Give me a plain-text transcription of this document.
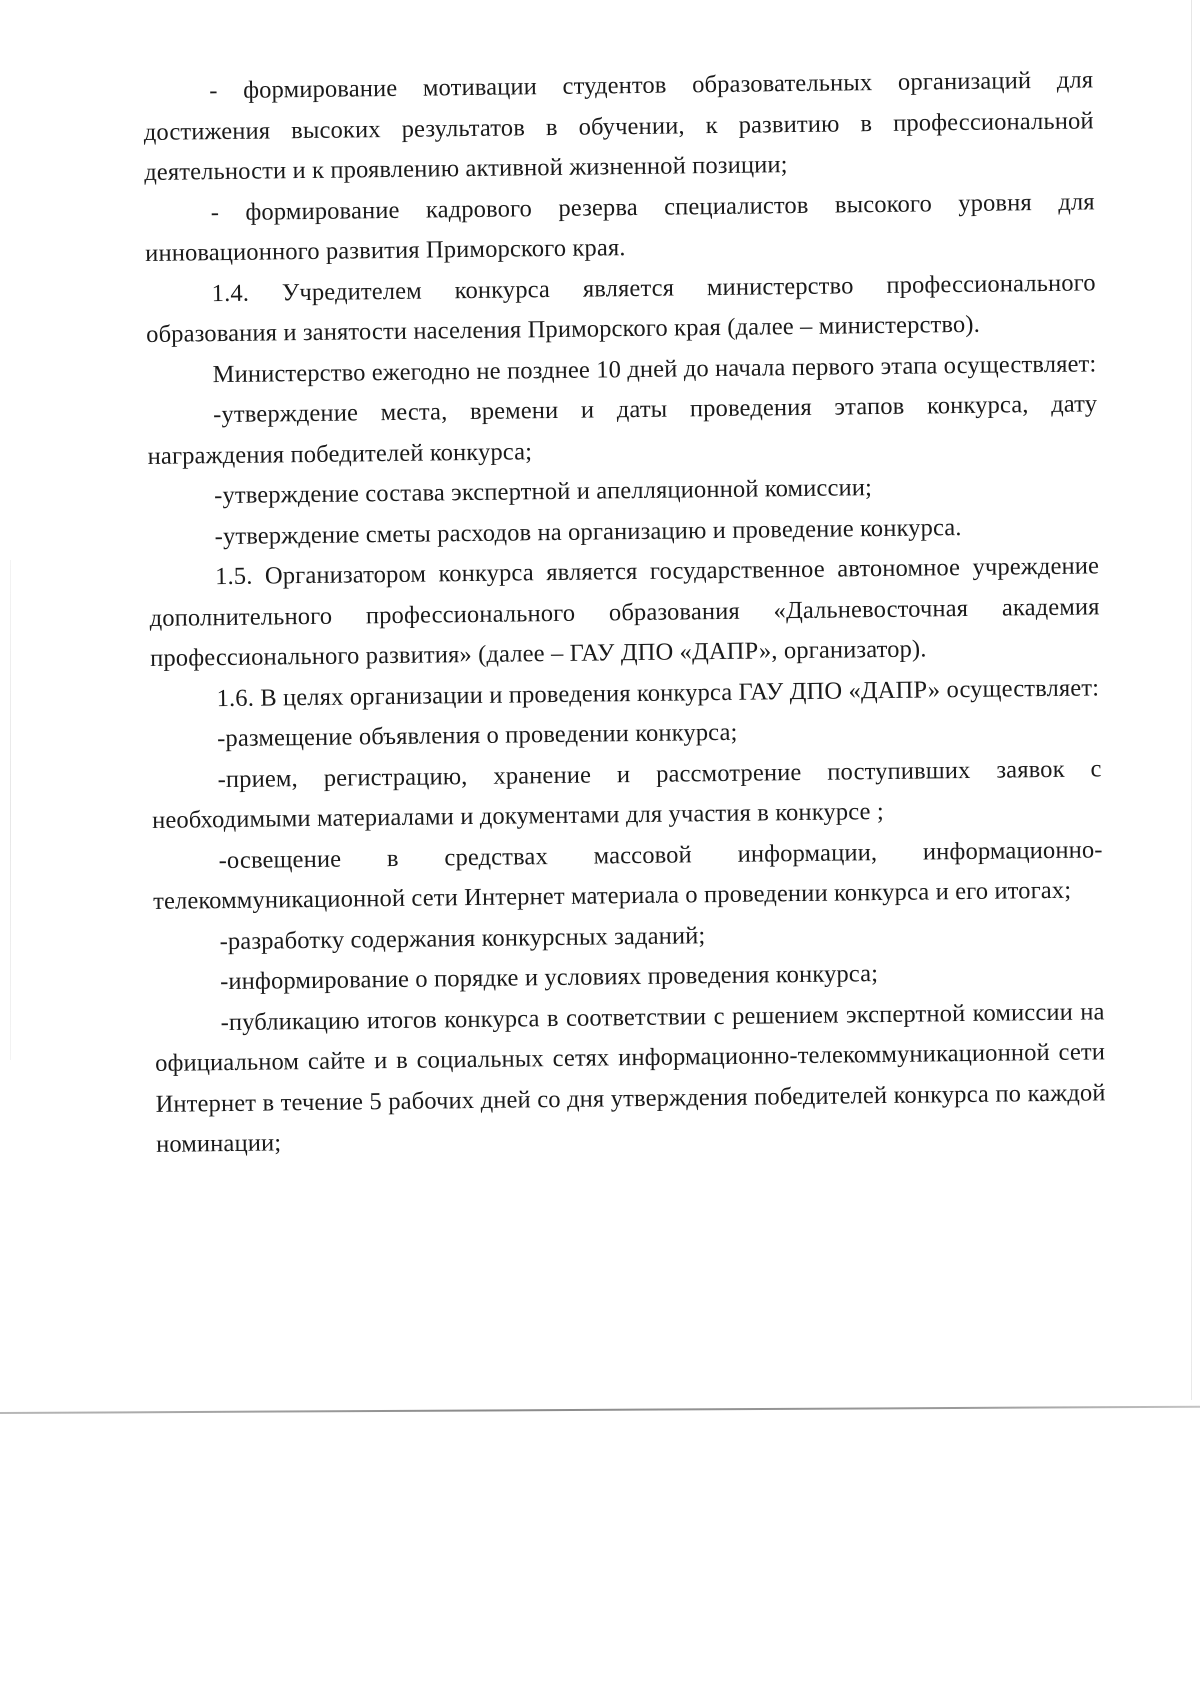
- формирование мотивации студентов образовательных организаций для достижения высоких результатов в обучении, к развитию в профессиональной деятельности и к проявлению активной жизненной позиции;

- формирование кадрового резерва специалистов высокого уровня для инновационного развития Приморского края.

1.4. Учредителем конкурса является министерство профессионального образования и занятости населения Приморского края (далее – министерство).

Министерство ежегодно не позднее 10 дней до начала первого этапа осуществляет:

-утверждение места, времени и даты проведения этапов конкурса, дату награждения победителей конкурса;

-утверждение состава экспертной и апелляционной комиссии;

-утверждение сметы расходов на организацию и проведение конкурса.

1.5. Организатором конкурса является государственное автономное учреждение дополнительного профессионального образования «Дальневосточная академия профессионального развития» (далее – ГАУ ДПО «ДАПР», организатор).

1.6. В целях организации и проведения конкурса ГАУ ДПО «ДАПР» осуществляет:

-размещение объявления о проведении конкурса;

-прием, регистрацию, хранение и рассмотрение поступивших заявок с необходимыми материалами и документами для участия в конкурсе ;

-освещение в средствах массовой информации, информационно-телекоммуникационной сети Интернет материала о проведении конкурса и его итогах;

-разработку содержания конкурсных заданий;

-информирование о порядке и условиях проведения конкурса;

-публикацию итогов конкурса в соответствии с решением экспертной комиссии на официальном сайте и в социальных сетях информационно-телекоммуникационной сети Интернет в течение 5 рабочих дней со дня утверждения победителей конкурса по каждой номинации;
